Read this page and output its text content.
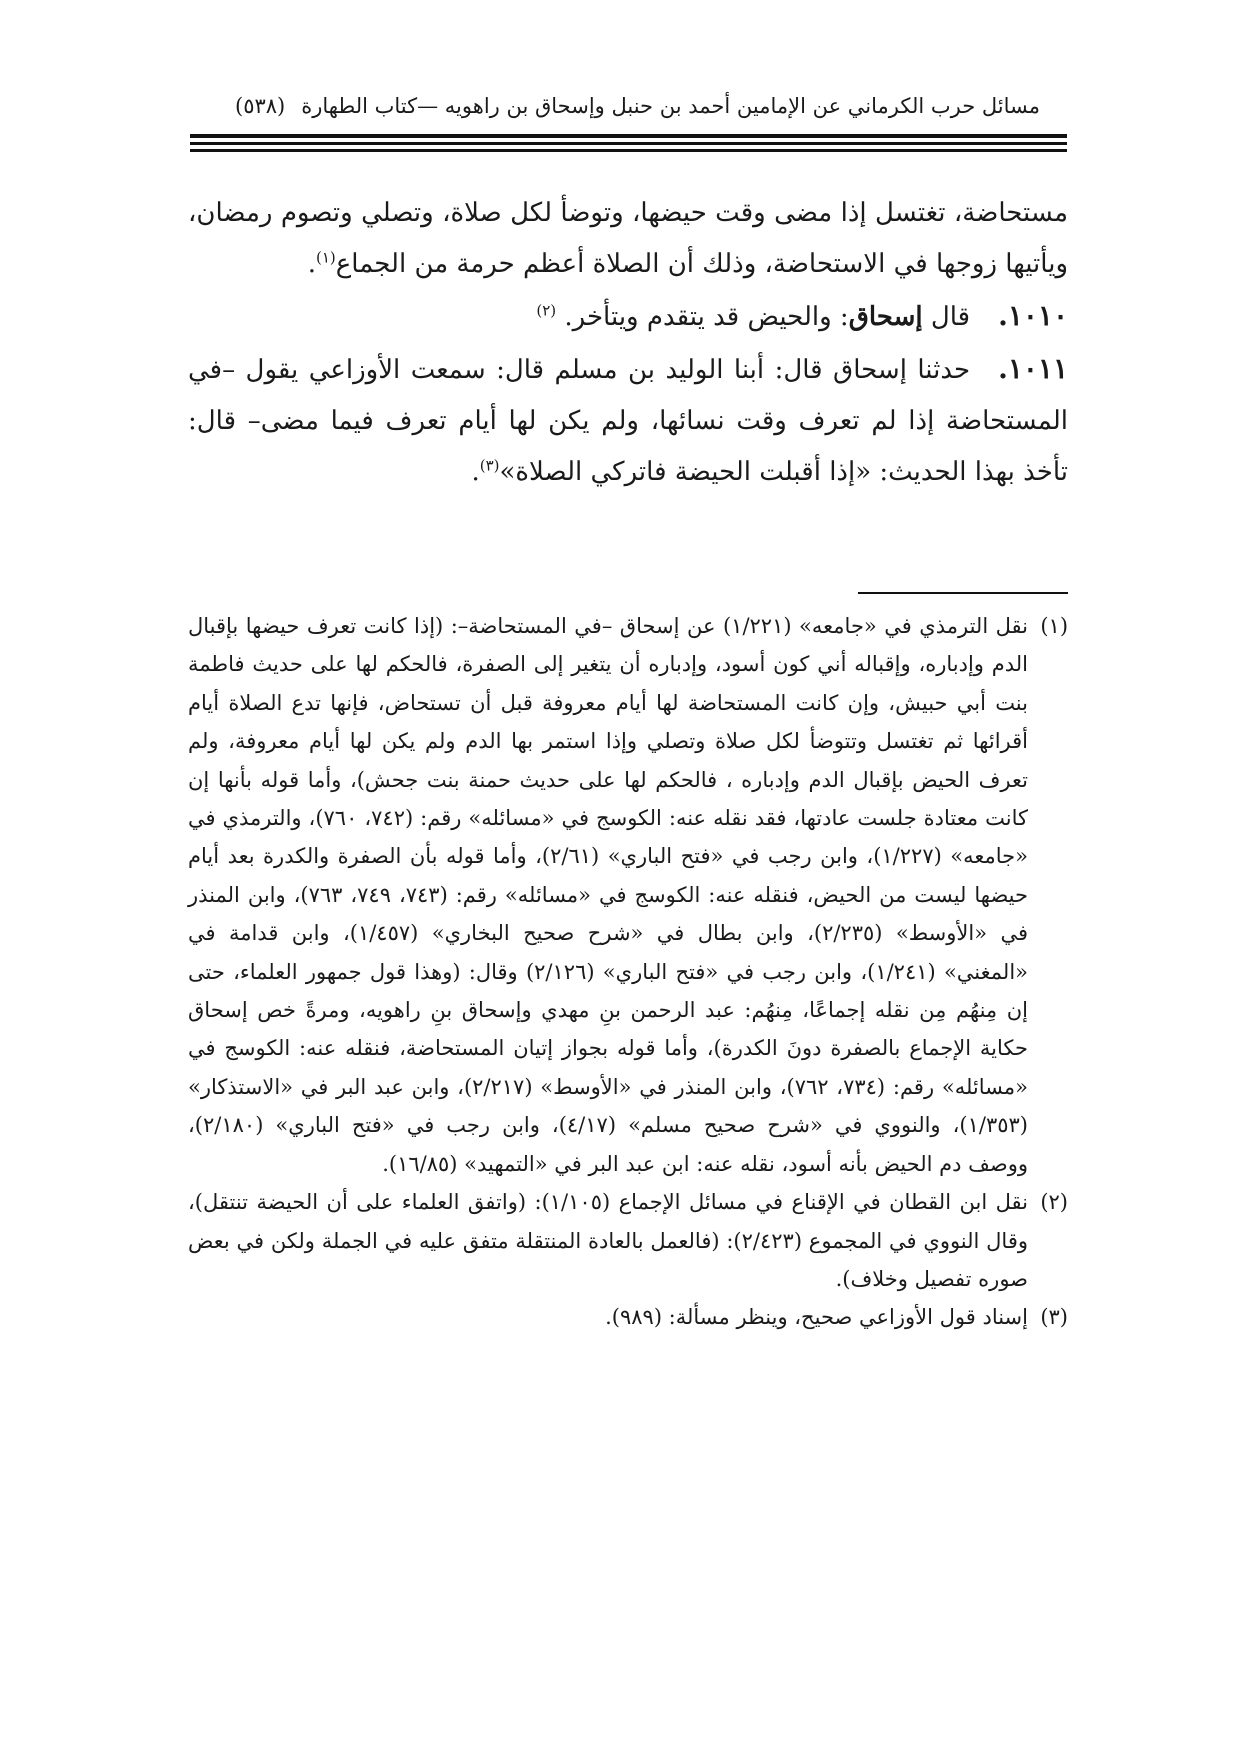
مسائل حرب الكرماني عن الإمامين أحمد بن حنبل وإسحاق بن راهويه —كتاب الطهارة
(٥٣٨)

مستحاضة، تغتسل إذا مضى وقت حيضها، وتوضأ لكل صلاة، وتصلي وتصوم رمضان، ويأتيها زوجها في الاستحاضة، وذلك أن الصلاة أعظم حرمة من الجماع$^{(١)}$.

١٠١٠.قال إسحاق: والحيض قد يتقدم ويتأخر. $^{(٢)}$

١٠١١.حدثنا إسحاق قال: أبنا الوليد بن مسلم قال: سمعت الأوزاعي يقول –في المستحاضة إذا لم تعرف وقت نسائها، ولم يكن لها أيام تعرف فيما مضى– قال: تأخذ بهذا الحديث: «إذا أقبلت الحيضة فاتركي الصلاة»$^{(٣)}$.

(١)نقل الترمذي في «جامعه» (١/٢٢١) عن إسحاق –في المستحاضة–: (إذا كانت تعرف حيضها بإقبال الدم وإدباره، وإقباله أني كون أسود، وإدباره أن يتغير إلى الصفرة، فالحكم لها على حديث فاطمة بنت أبي حبيش، وإن كانت المستحاضة لها أيام معروفة قبل أن تستحاض، فإنها تدع الصلاة أيام أقرائها ثم تغتسل وتتوضأ لكل صلاة وتصلي وإذا استمر بها الدم ولم يكن لها أيام معروفة، ولم تعرف الحيض بإقبال الدم وإدباره ، فالحكم لها على حديث حمنة بنت جحش)، وأما قوله بأنها إن كانت معتادة جلست عادتها، فقد نقله عنه: الكوسج في «مسائله» رقم: (٧٤٢، ٧٦٠)، والترمذي في «جامعه» (١/٢٢٧)، وابن رجب في «فتح الباري» (٢/٦١)، وأما قوله بأن الصفرة والكدرة بعد أيام حيضها ليست من الحيض، فنقله عنه: الكوسج في «مسائله» رقم: (٧٤٣، ٧٤٩، ٧٦٣)، وابن المنذر في «الأوسط» (٢/٢٣٥)، وابن بطال في «شرح صحيح البخاري» (١/٤٥٧)، وابن قدامة في «المغني» (١/٢٤١)، وابن رجب في «فتح الباري» (٢/١٢٦) وقال: (وهذا قول جمهور العلماء، حتى إن مِنهُم مِن نقله إجماعًا، مِنهُم: عبد الرحمن بنِ مهدي وإسحاق بنِ راهويه، ومرةً خص إسحاق حكاية الإجماع بالصفرة دونَ الكدرة)، وأما قوله بجواز إتيان المستحاضة، فنقله عنه: الكوسج في «مسائله» رقم: (٧٣٤، ٧٦٢)، وابن المنذر في «الأوسط» (٢/٢١٧)، وابن عبد البر في «الاستذكار» (١/٣٥٣)، والنووي في «شرح صحيح مسلم» (٤/١٧)، وابن رجب في «فتح الباري» (٢/١٨٠)، ووصف دم الحيض بأنه أسود، نقله عنه: ابن عبد البر في «التمهيد» (١٦/٨٥).

(٢)نقل ابن القطان في الإقناع في مسائل الإجماع (١/١٠٥): (واتفق العلماء على أن الحيضة تنتقل)، وقال النووي في المجموع (٢/٤٢٣): (فالعمل بالعادة المنتقلة متفق عليه في الجملة ولكن في بعض صوره تفصيل وخلاف).

(٣)إسناد قول الأوزاعي صحيح، وينظر مسألة: (٩٨٩).
